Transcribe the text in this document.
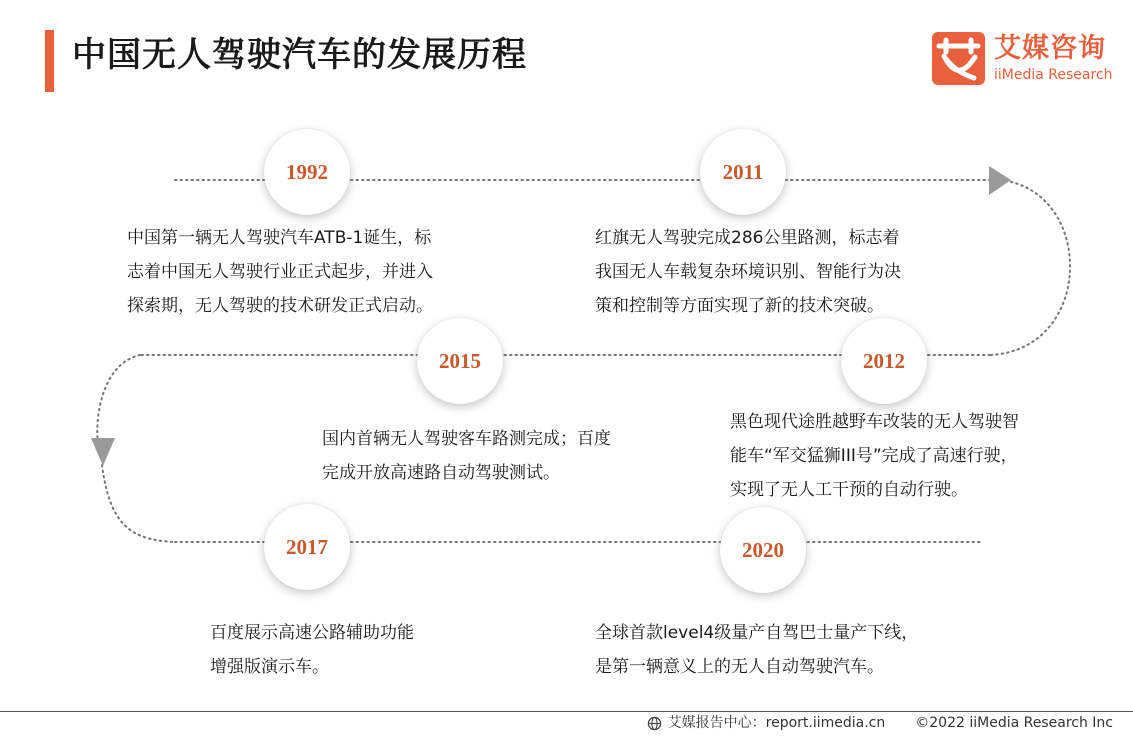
中国无人驾驶汽车的发展历程	艾媒咨询
iiMedia Research
1992	2011
2012
2015
2017	2020
中国第一辆无人驾驶汽车ATB-1诞生，标
志着中国无人驾驶行业正式起步，并进入
探索期，无人驾驶的技术研发正式启动。
红旗无人驾驶完成286公里路测，标志着
我国无人车载复杂环境识别、智能行为决
策和控制等方面实现了新的技术突破。
黑色现代途胜越野车改装的无人驾驶智
能车“军交猛狮III号”完成了高速行驶，
实现了无人工干预的自动行驶。
国内首辆无人驾驶客车路测完成；百度
完成开放高速路自动驾驶测试。
百度展示高速公路辅助功能
增强版演示车。
全球首款level4级量产自驾巴士量产下线，
是第一辆意义上的无人自动驾驶汽车。
艾媒报告中心：report.iimedia.cn ©2022 iiMedia Research Inc
